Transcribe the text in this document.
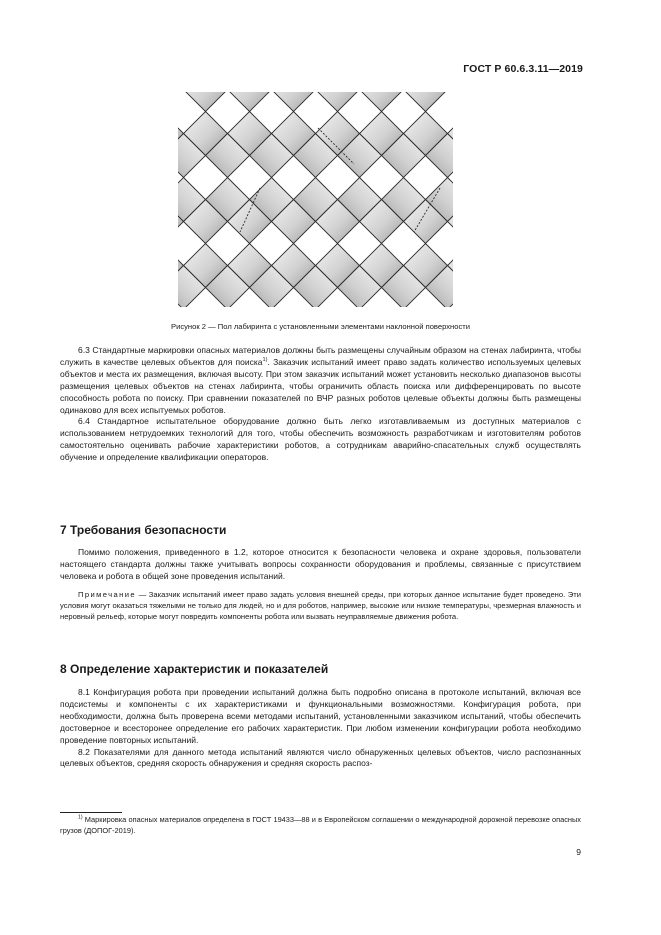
ГОСТ Р 60.6.3.11—2019
Рисунок 2 — Пол лабиринта с установленными элементами наклонной поверхности

6.3 Стандартные маркировки опасных материалов должны быть размещены случайным образом на стенах лабиринта, чтобы служить в качестве целевых объектов для поиска$^{1)}$. Заказчик испытаний имеет право задать количество используемых целевых объектов и места их размещения, включая высоту. При этом заказчик испытаний может установить несколько диапазонов высоты размещения целевых объектов на стенах лабиринта, чтобы ограничить область поиска или дифференцировать по высоте способность робота по поиску. При сравнении показателей по ВЧР разных роботов целевые объекты должны быть размещены одинаково для всех испытуемых роботов.

6.4 Стандартное испытательное оборудование должно быть легко изготавливаемым из доступных материалов с использованием нетрудоемких технологий для того, чтобы обеспечить возможность разработчикам и изготовителям роботов самостоятельно оценивать рабочие характеристики роботов, а сотрудникам аварийно-спасательных служб осуществлять обучение и определение квалификации операторов.

7 Требования безопасности

Помимо положения, приведенного в 1.2, которое относится к безопасности человека и охране здоровья, пользователи настоящего стандарта должны также учитывать вопросы сохранности оборудования и проблемы, связанные с присутствием человека и робота в общей зоне проведения испытаний.

Примечание — Заказчик испытаний имеет право задать условия внешней среды, при которых данное испытание будет проведено. Эти условия могут оказаться тяжелыми не только для людей, но и для роботов, например, высокие или низкие температуры, чрезмерная влажность и неровный рельеф, которые могут повредить компоненты робота или вызвать неуправляемые движения робота.

8 Определение характеристик и показателей

8.1 Конфигурация робота при проведении испытаний должна быть подробно описана в протоколе испытаний, включая все подсистемы и компоненты с их характеристиками и функциональными возможностями. Конфигурация робота, при необходимости, должна быть проверена всеми методами испытаний, установленными заказчиком испытаний, чтобы обеспечить достоверное и всесторонее определение его рабочих характеристик. При любом изменении конфигурации робота необходимо проведение повторных испытаний.

8.2 Показателями для данного метода испытаний являются число обнаруженных целевых объектов, число распознанных целевых объектов, средняя скорость обнаружения и средняя скорость распоз-

$^{1)}$ Маркировка опасных материалов определена в ГОСТ 19433—88 и в Европейском соглашении о международной дорожной перевозке опасных грузов (ДОПОГ-2019).

9
